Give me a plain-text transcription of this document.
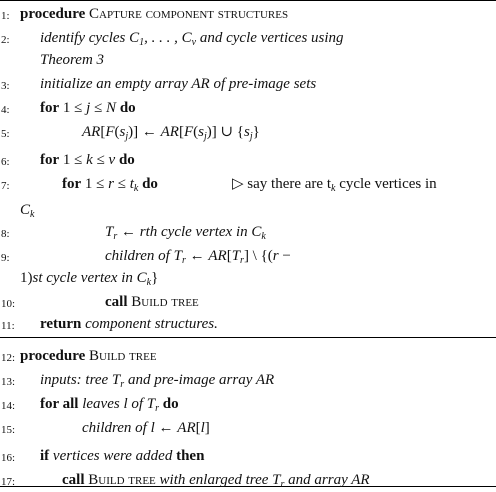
1: procedure Capture component structures
2:	identify cycles $C_1$, . . . , $C_\nu$ and cycle vertices using
Theorem 3
3:	initialize an empty array AR of pre-image sets
4:	for 1 ≤ j ≤ N do
5:	$AR[F(s_j)]$ ← $AR[F(s_j)]$ ∪ $\{s_j\}$
6:	for 1 ≤ k ≤ ν do
7:	for $1 \le r \le t_k$ do	▷ say there are $t_k$ cycle vertices in
$C_k$
8:	$T_r$ ← rth cycle vertex in $C_k$
9:	children of $T_r$ ← $AR[T_r]$ \ {(r −
1)st cycle vertex in $C_k$}
10:	call Build tree
11:	return component structures.
12: procedure Build tree
13:	inputs: tree $T_r$ and pre-image array AR
14:	for all leaves l of $T_r$ do
15:	children of l ← AR[l]
16:	if vertices were added then
17:	call Build tree with enlarged tree $T_r$ and array AR
